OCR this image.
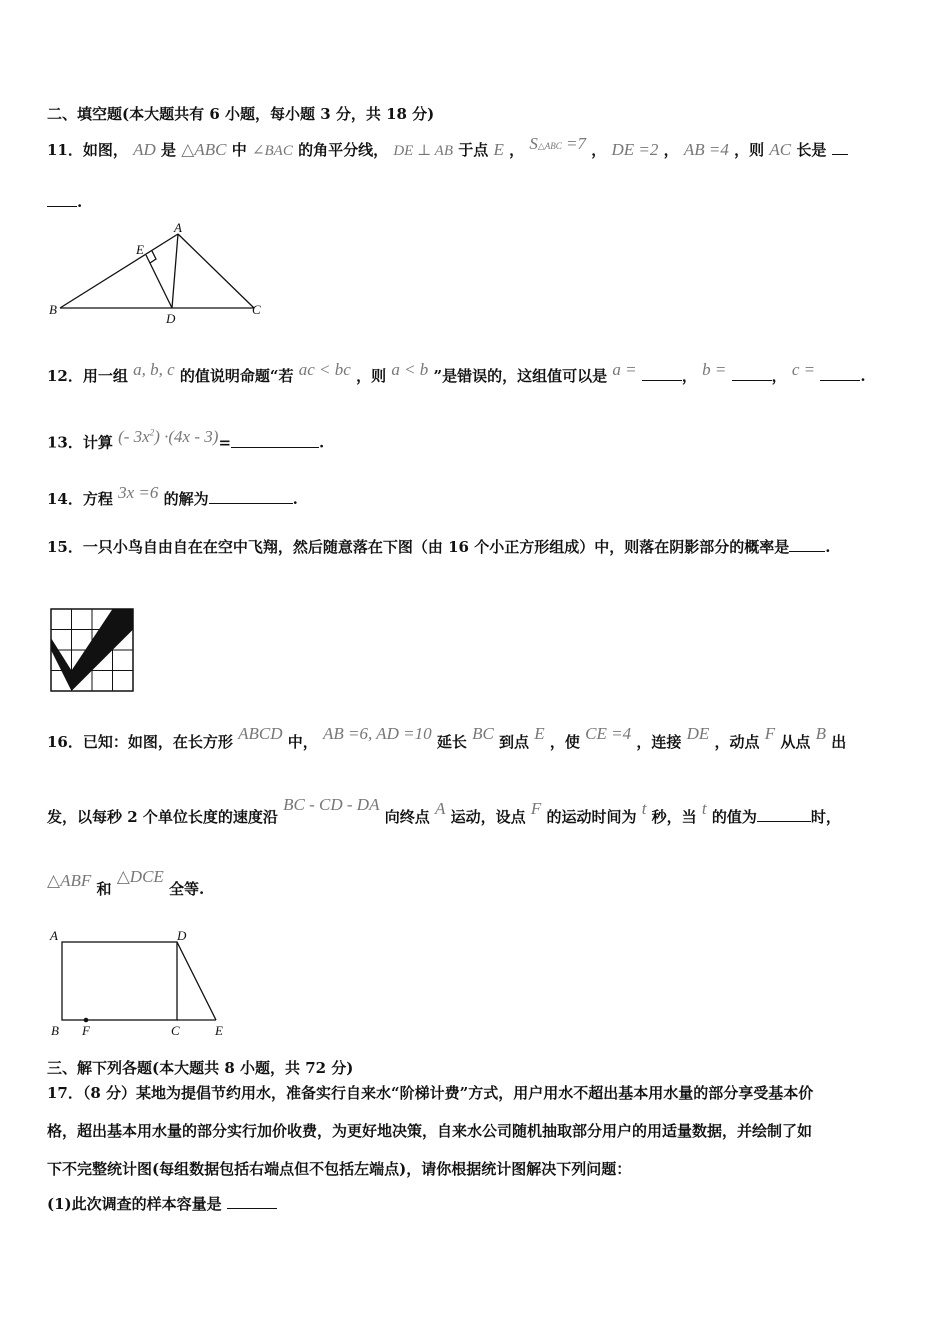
二、填空题(本大题共有 6 小题，每小题 3 分，共 18 分)
11．如图， AD 是 △ABC 中 ∠BAC 的角平分线， DE ⊥ AB 于点 E ， S△ABC =7 ， DE =2 ， AB =4 ，则 AC 长是
.
A
E
B
D
C
12．用一组 a, b, c 的值说明命题“若 ac < bc ，则 a < b ”是错误的，这组值可以是 a =	， b =	， c =	.
13．计算 (- $3x^2) \cdot(4x - 3)=$	.
14．方程 3x =6 的解为	.
15．一只小鸟自由自在在空中飞翔，然后随意落在下图（由 16 个小正方形组成）中，则落在阴影部分的概率是 .
16．已知：如图，在长方形 ABCD 中， AB =6, AD =10 延长 BC 到点 E ，使 CE =4 ，连接 DE ，动点 F 从点 B 出
发，以每秒 2 个单位长度的速度沿 BC - CD - DA 向终点 A 运动，设点 F 的运动时间为 t 秒，当 t 的值为	时，
△ABF 和 △DCE 全等.
A	D
B F	C	E
三、解下列各题(本大题共 8 小题，共 72 分)
17．（8 分）某地为提倡节约用水，准备实行自来水“阶梯计费”方式，用户用水不超出基本用水量的部分享受基本价
格，超出基本用水量的部分实行加价收费，为更好地决策，自来水公司随机抽取部分用户的用适量数据，并绘制了如
下不完整统计图(每组数据包括右端点但不包括左端点)，请你根据统计图解决下列问题：
(1)此次调查的样本容量是
